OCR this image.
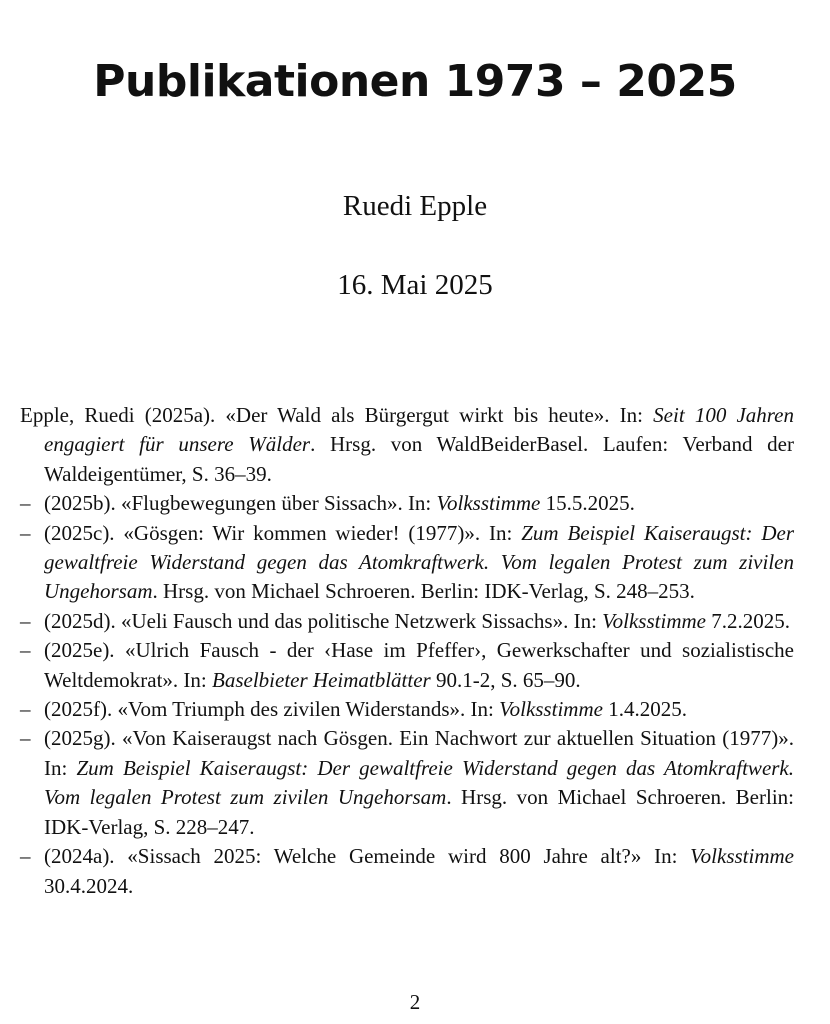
Publikationen 1973 – 2025
Ruedi Epple
16. Mai 2025
Epple, Ruedi (2025a). «Der Wald als Bürgergut wirkt bis heute». In: Seit 100 Jahren engagiert für unsere Wälder. Hrsg. von WaldBeiderBasel. Laufen: Verband der Waldeigentümer, S. 36–39.
– (2025b). «Flugbewegungen über Sissach». In: Volksstimme 15.5.2025.
– (2025c). «Gösgen: Wir kommen wieder! (1977)». In: Zum Beispiel Kaiseraugst: Der gewaltfreie Widerstand gegen das Atomkraftwerk. Vom legalen Protest zum zivilen Ungehorsam. Hrsg. von Michael Schroeren. Berlin: IDK-Verlag, S. 248–253.
– (2025d). «Ueli Fausch und das politische Netzwerk Sissachs». In: Volksstimme 7.2.2025.
– (2025e). «Ulrich Fausch - der ‹Hase im Pfeffer›, Gewerkschafter und sozialistische Weltdemokrat». In: Baselbieter Heimatblätter 90.1-2, S. 65–90.
– (2025f). «Vom Triumph des zivilen Widerstands». In: Volksstimme 1.4.2025.
– (2025g). «Von Kaiseraugst nach Gösgen. Ein Nachwort zur aktuellen Situation (1977)». In: Zum Beispiel Kaiseraugst: Der gewaltfreie Widerstand gegen das Atomkraftwerk. Vom legalen Protest zum zivilen Ungehorsam. Hrsg. von Michael Schroeren. Berlin: IDK-Verlag, S. 228–247.
– (2024a). «Sissach 2025: Welche Gemeinde wird 800 Jahre alt?» In: Volksstimme 30.4.2024.
2
